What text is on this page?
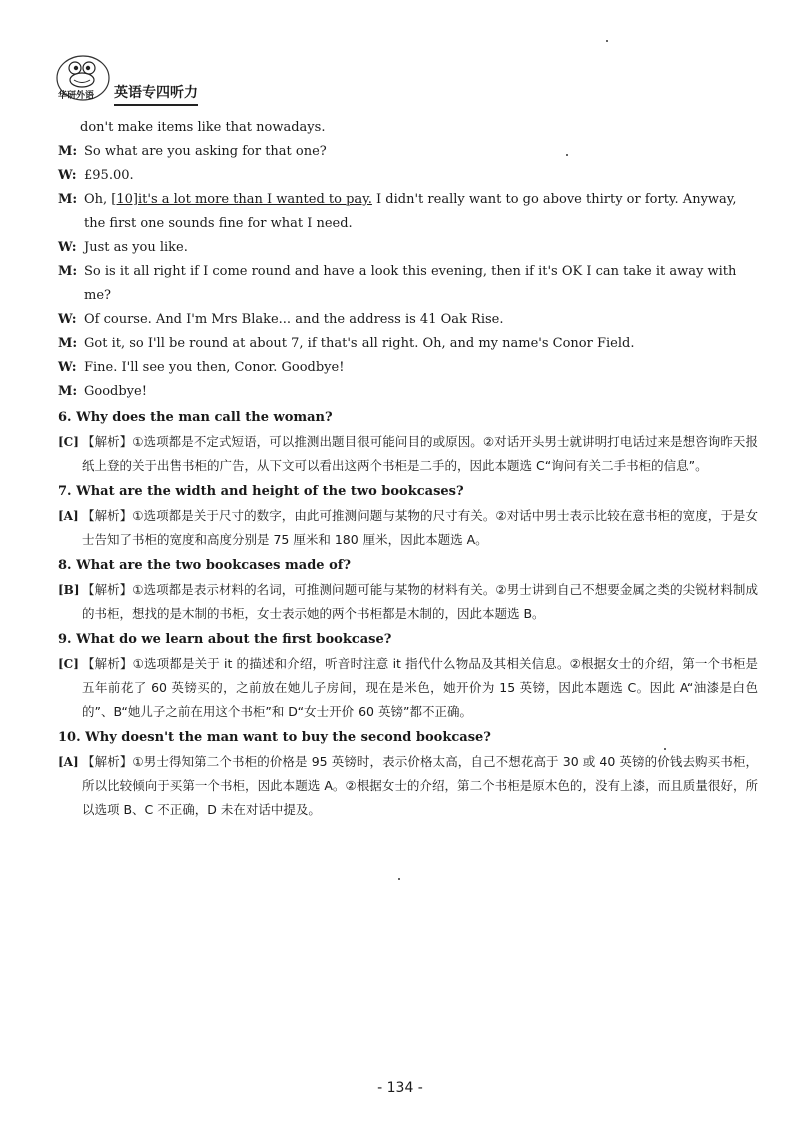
华研外语 英语专四听力
don't make items like that nowadays.
M: So what are you asking for that one?
W: £95.00.
M: Oh, [10]it's a lot more than I wanted to pay. I didn't really want to go above thirty or forty. Anyway, the first one sounds fine for what I need.
W: Just as you like.
M: So is it all right if I come round and have a look this evening, then if it's OK I can take it away with me?
W: Of course. And I'm Mrs Blake... and the address is 41 Oak Rise.
M: Got it, so I'll be round at about 7, if that's all right. Oh, and my name's Conor Field.
W: Fine. I'll see you then, Conor. Goodbye!
M: Goodbye!
6. Why does the man call the woman?
[C] 【解析】①选项都是不定式短语，可以推测出题目很可能问目的或原因。②对话开头男士就讲明打电话过来是想咨询昨天报纸上登的关于出售书柜的广告，从下文可以看出这两个书柜是二手的，因此本题选 C“询问有关二手书柜的信息”。
7. What are the width and height of the two bookcases?
[A] 【解析】①选项都是关于尺寸的数字，由此可推测问题与某物的尺寸有关。②对话中男士表示比较在意书柜的宽度，于是女士告知了书柜的宽度和高度分别是 75 厘米和 180 厘米，因此本题选 A。
8. What are the two bookcases made of?
[B] 【解析】①选项都是表示材料的名词，可推测问题可能与某物的材料有关。②男士讲到自己不想要金属之类的尖锐材料制成的书柜，想找的是木制的书柜，女士表示她的两个书柜都是木制的，因此本题选 B。
9. What do we learn about the first bookcase?
[C] 【解析】①选项都是关于 it 的描述和介绍，听音时注意 it 指代什么物品及其相关信息。②根据女士的介绍，第一个书柜是五年前花了 60 英镑买的，之前放在她儿子房间，现在是米色，她开价为 15 英镑，因此本题选 C。因此 A“油漆是白色的”、B“她儿子之前在用这个书柜”和 D“女士开价 60 英镑”都不正确。
10. Why doesn't the man want to buy the second bookcase?
[A] 【解析】①男士得知第二个书柜的价格是 95 英镑时，表示价格太高，自己不想花高于 30 或 40 英镑的价钱去购买书柜，所以比较倾向于买第一个书柜，因此本题选 A。②根据女士的介绍，第二个书柜是原木色的，没有上漆，而且质量很好，所以选项 B、C 不正确，D 未在对话中提及。
- 134 -
